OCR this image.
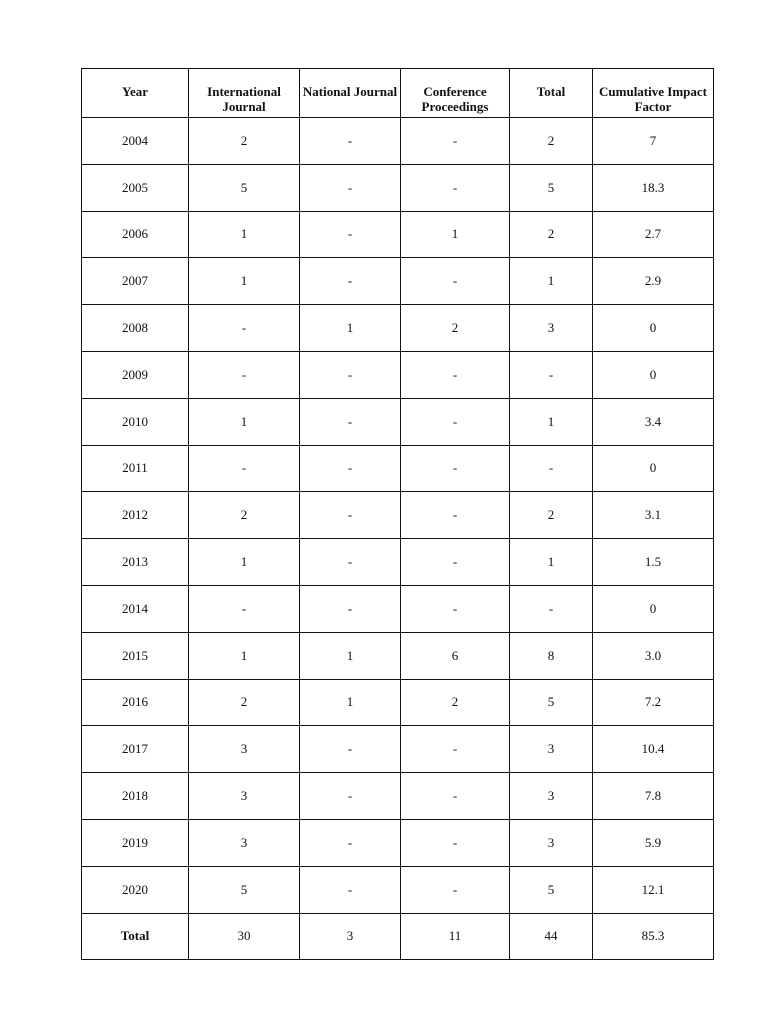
Year	International Journal	National Journal	Conference Proceedings	Total	Cumulative Impact Factor
2004	2	-	-	2	7
2005	5	-	-	5	18.3
2006	1	-	1	2	2.7
2007	1	-	-	1	2.9
2008	-	1	2	3	0
2009	-	-	-	-	0
2010	1	-	-	1	3.4
2011	-	-	-	-	0
2012	2	-	-	2	3.1
2013	1	-	-	1	1.5
2014	-	-	-	-	0
2015	1	1	6	8	3.0
2016	2	1	2	5	7.2
2017	3	-	-	3	10.4
2018	3	-	-	3	7.8
2019	3	-	-	3	5.9
2020	5	-	-	5	12.1
Total	30	3	11	44	85.3
